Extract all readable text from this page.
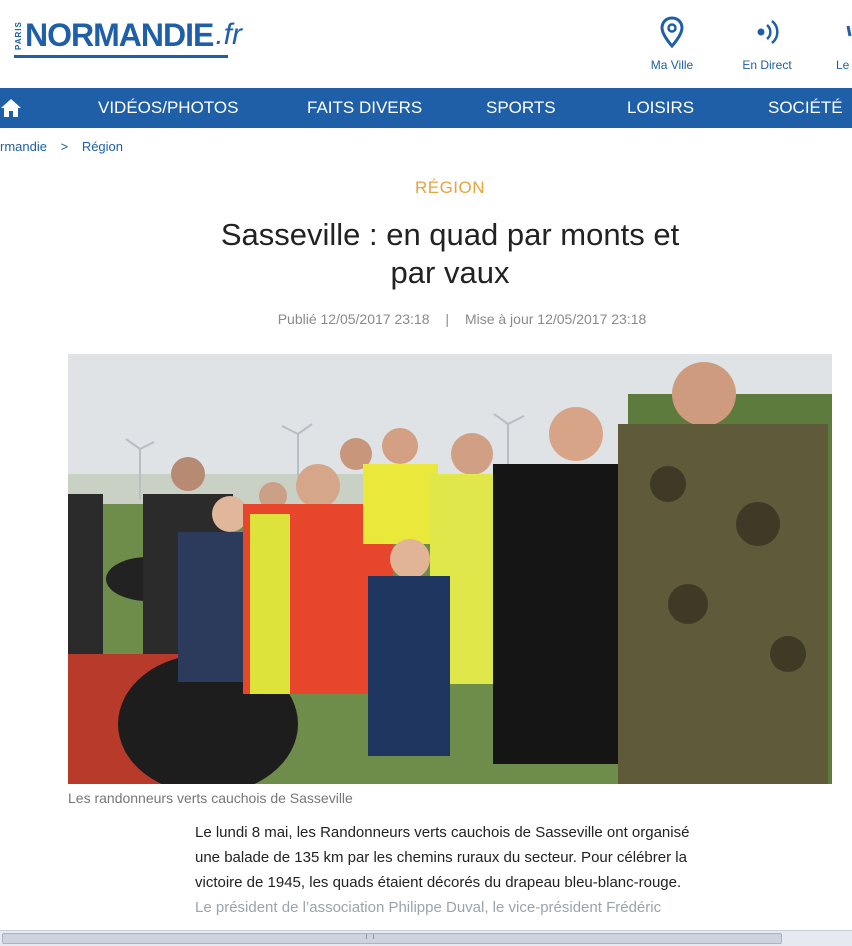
PARIS NORMANDIE .fr
Ma Ville	En Direct	Le
VIDÉOS/PHOTOS	FAITS DIVERS	SPORTS	LOISIRS	SOCIÉTÉ
rmandie > Région
RÉGION
Sasseville : en quad par monts et
par vaux
Publié 12/05/2017 23:18 | Mise à jour 12/05/2017 23:18
Les randonneurs verts cauchois de Sasseville
Le lundi 8 mai, les Randonneurs verts cauchois de Sasseville ont organisé
une balade de 135 km par les chemins ruraux du secteur. Pour célébrer la
victoire de 1945, les quads étaient décorés du drapeau bleu-blanc-rouge.
Le président de l’association Philippe Duval, le vice-président Frédéric
